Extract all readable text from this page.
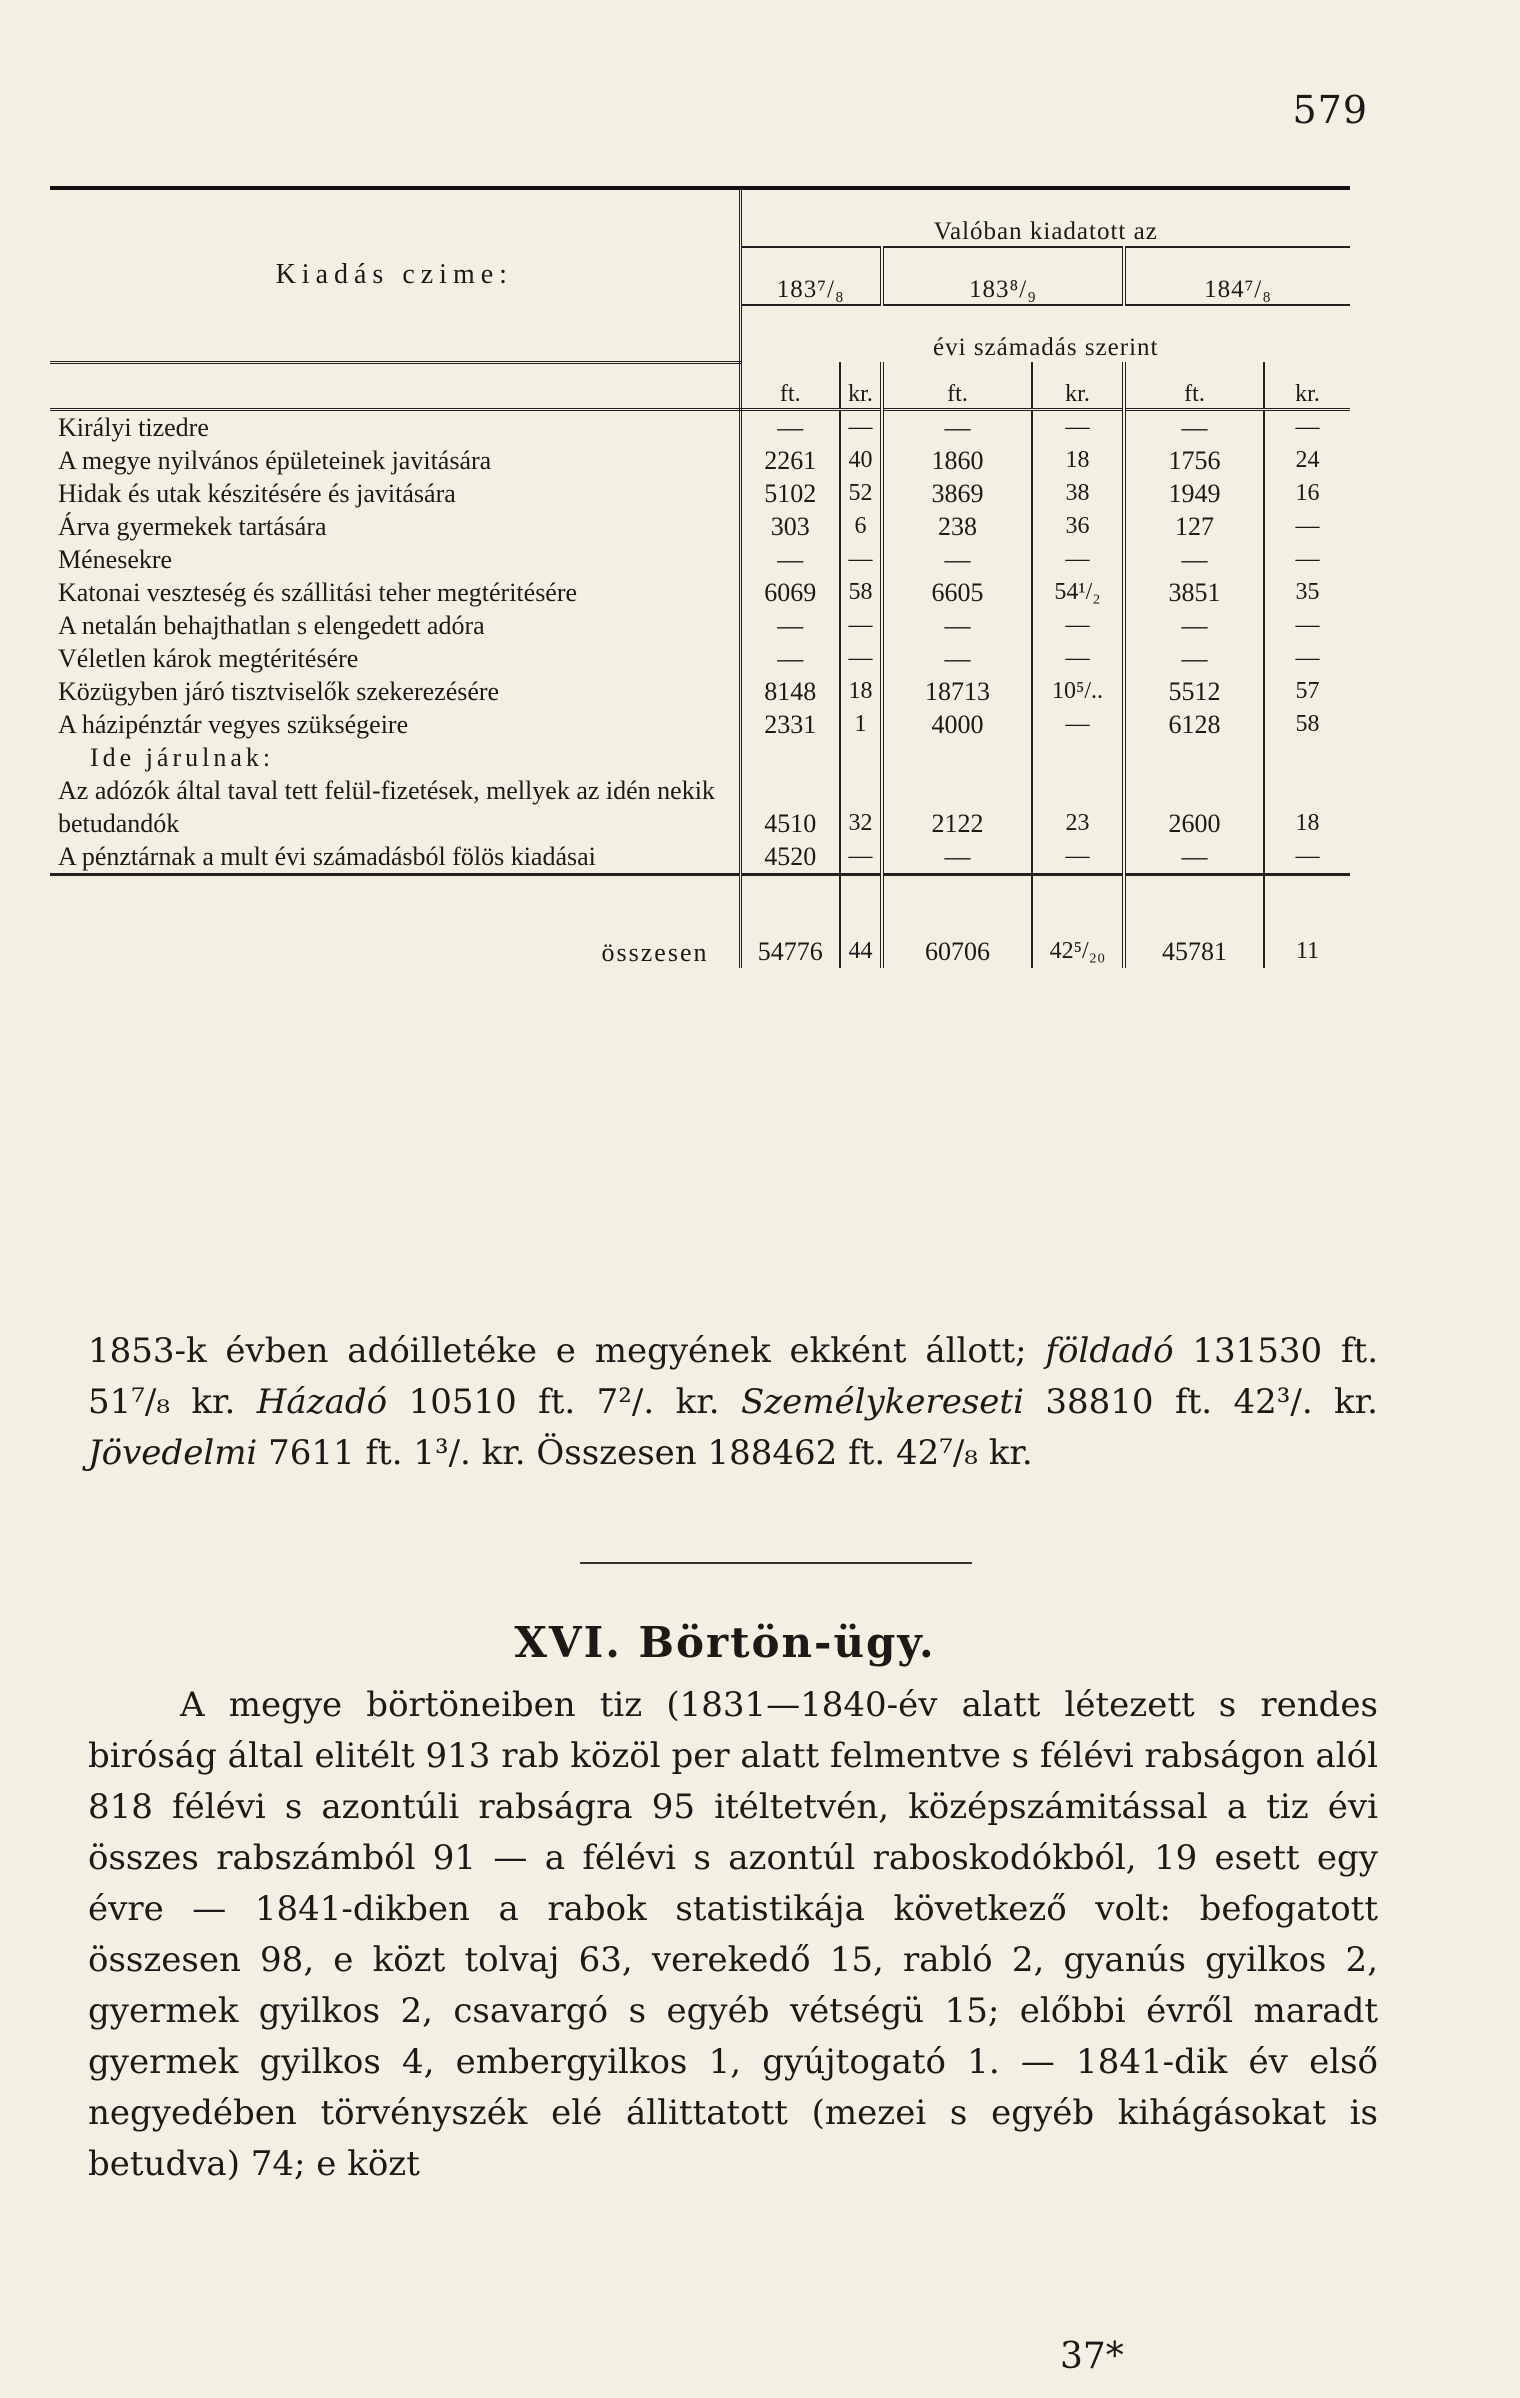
579
Kiadás czime:	Valóban kiadatott az					
	183⁷/₈		183⁸/₉		184⁷/₈	
	évi számadás szerint					
	ft.	kr.	ft.	kr.	ft.	kr.
Királyi tizedre	—	—	—	—	—	—
A megye nyilvános épületeinek javitására	2261	40	1860	18	1756	24
Hidak és utak készitésére és javitására	5102	52	3869	38	1949	16
Árva gyermekek tartására	303	6	238	36	127	—
Ménesekre	—	—	—	—	—	—
Katonai veszteség és szállitási teher megtéritésére	6069	58	6605	54¹/₂	3851	35
A netalán behajthatlan s elengedett adóra	—	—	—	—	—	—
Véletlen károk megtéritésére	—	—	—	—	—	—
Közügyben járó tisztviselők szekerezésére	8148	18	18713	10⁵/..	5512	57
A házipénztár vegyes szükségeire	2331	1	4000	—	6128	58
Ide járulnak:						
Az adózók által taval tett felül-fizetések, mellyek az idén nekik betudandók	4510	32	2122	23	2600	18
A pénztárnak a mult évi számadásból fölös kiadásai	4520	—	—	—	—	—
összesen	54776	44	60706	42⁵/₂₀	45781	11
1853-k évben adóilletéke e megyének ekként állott; földadó 131530 ft. 51⁷/₈ kr. Házadó 10510 ft. 7²/. kr. Személykereseti 38810 ft. 42³/. kr. Jövedelmi 7611 ft. 1³/. kr. Összesen 188462 ft. 42⁷/₈ kr.
XVI. Börtön-ügy.
A megye börtöneiben tiz (1831—1840-év alatt létezett s rendes biróság által elitélt 913 rab közöl per alatt felmentve s félévi rabságon alól 818 félévi s azontúli rabságra 95 itéltetvén, középszámitással a tiz évi összes rabszámból 91 — a félévi s azontúl raboskodókból, 19 esett egy évre — 1841-dikben a rabok statistikája következő volt: befogatott összesen 98, e közt tolvaj 63, verekedő 15, rabló 2, gyanús gyilkos 2, gyermek gyilkos 2, csavargó s egyéb vétségü 15; előbbi évről maradt gyermek gyilkos 4, embergyilkos 1, gyújtogató 1. — 1841-dik év első negyedében törvényszék elé állittatott (mezei s egyéb kihágásokat is betudva) 74; e közt
37*
